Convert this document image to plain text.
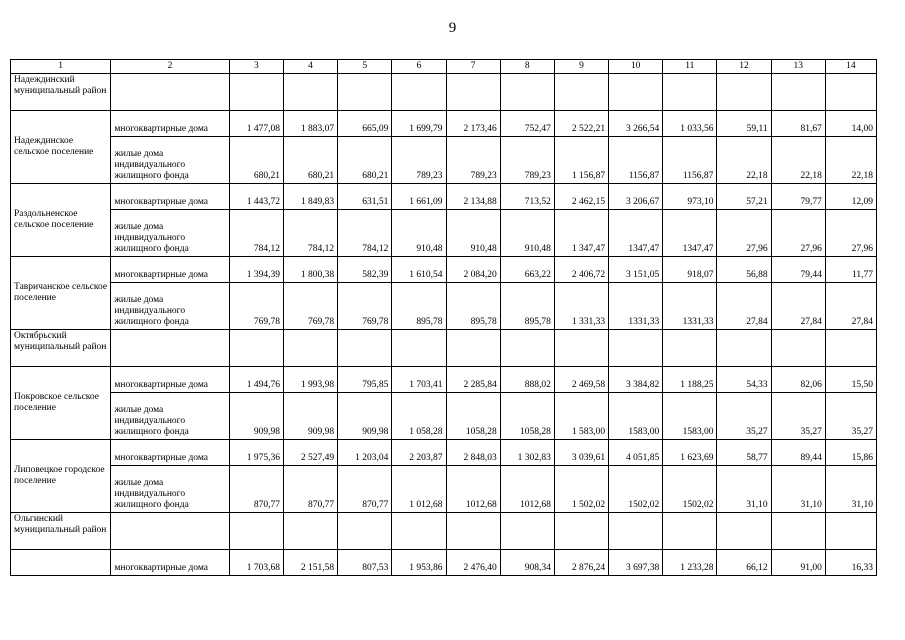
9
1	2	3	4	5	6	7	8	9	10	11	12	13	14
Надеждинский муниципальный район													
Надеждинское сельское поселение	многоквартирные дома	1 477,08	1 883,07	665,09	1 699,79	2 173,46	752,47	2 522,21	3 266,54	1 033,56	59,11	81,67	14,00
	жилые дома индивидуального жилищного фонда	680,21	680,21	680,21	789,23	789,23	789,23	1 156,87	1156,87	1156,87	22,18	22,18	22,18
Раздольненское сельское поселение	многоквартирные дома	1 443,72	1 849,83	631,51	1 661,09	2 134,88	713,52	2 462,15	3 206,67	973,10	57,21	79,77	12,09
	жилые дома индивидуального жилищного фонда	784,12	784,12	784,12	910,48	910,48	910,48	1 347,47	1347,47	1347,47	27,96	27,96	27,96
Тавричанское сельское поселение	многоквартирные дома	1 394,39	1 800,38	582,39	1 610,54	2 084,20	663,22	2 406,72	3 151,05	918,07	56,88	79,44	11,77
	жилые дома индивидуального жилищного фонда	769,78	769,78	769,78	895,78	895,78	895,78	1 331,33	1331,33	1331,33	27,84	27,84	27,84
Октябрьский муниципальный район													
Покровское сельское поселение	многоквартирные дома	1 494,76	1 993,98	795,85	1 703,41	2 285,84	888,02	2 469,58	3 384,82	1 188,25	54,33	82,06	15,50
	жилые дома индивидуального жилищного фонда	909,98	909,98	909,98	1 058,28	1058,28	1058,28	1 583,00	1583,00	1583,00	35,27	35,27	35,27
Липовецкое городское поселение	многоквартирные дома	1 975,36	2 527,49	1 203,04	2 203,87	2 848,03	1 302,83	3 039,61	4 051,85	1 623,69	58,77	89,44	15,86
	жилые дома индивидуального жилищного фонда	870,77	870,77	870,77	1 012,68	1012,68	1012,68	1 502,02	1502,02	1502,02	31,10	31,10	31,10
Ольгинский муниципальный район													
	многоквартирные дома	1 703,68	2 151,58	807,53	1 953,86	2 476,40	908,34	2 876,24	3 697,38	1 233,28	66,12	91,00	16,33
